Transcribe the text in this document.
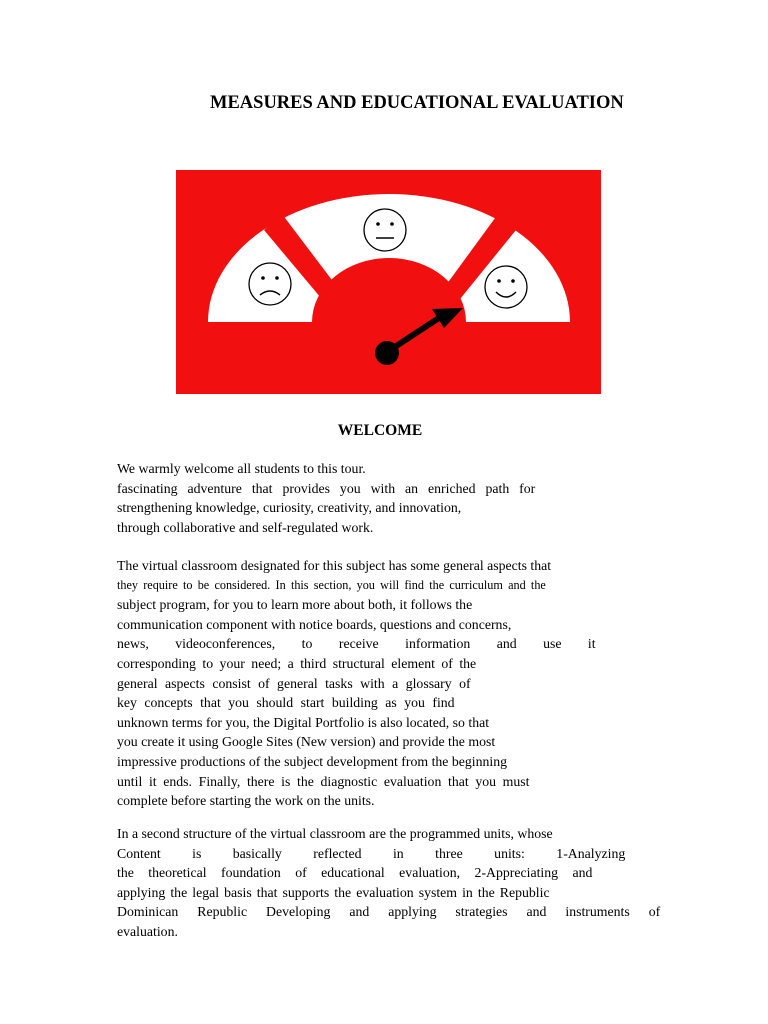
MEASURES AND EDUCATIONAL EVALUATION
WELCOME
We warmly welcome all students to this tour.
fascinating adventure that provides you with an enriched path for
strengthening knowledge, curiosity, creativity, and innovation,
through collaborative and self-regulated work.
The virtual classroom designated for this subject has some general aspects that
they require to be considered. In this section, you will find the curriculum and the
subject program, for you to learn more about both, it follows the
communication component with notice boards, questions and concerns,
news, videoconferences, to receive information and use it
corresponding to your need; a third structural element of the
general aspects consist of general tasks with a glossary of
key concepts that you should start building as you find
unknown terms for you, the Digital Portfolio is also located, so that
you create it using Google Sites (New version) and provide the most
impressive productions of the subject development from the beginning
until it ends. Finally, there is the diagnostic evaluation that you must
complete before starting the work on the units.
In a second structure of the virtual classroom are the programmed units, whose
Content is basically reflected in three units: 1-Analyzing
the theoretical foundation of educational evaluation, 2-Appreciating and
applying the legal basis that supports the evaluation system in the Republic
Dominican Republic Developing and applying strategies and instruments of
evaluation.
